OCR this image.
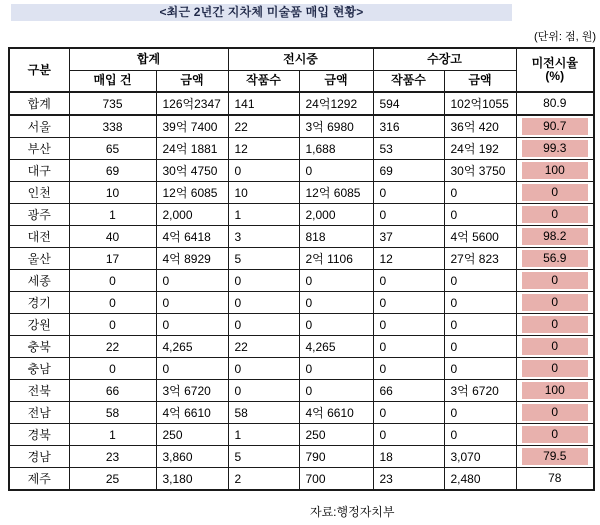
<최근 2년간 지차체 미술품 매입 현황>
(단위: 점, 원)
구분	합계		전시중		수장고		미전시율
(%)
	매입 건	금액	작품수	금액	작품수	금액	
합계	735	126억2347	141	24억1292	594	102억1055	80.9

서울	338	39억 7400	22	3억 6980	316	36억 420	90.7

부산	65	24억 1881	12	1,688	53	24억 192	99.3

대구	69	30억 4750	0	0	69	30억 3750	100

인천	10	12억 6085	10	12억 6085	0	0	0

광주	1	2,000	1	2,000	0	0	0

대전	40	4억 6418	3	818	37	4억 5600	98.2

울산	17	4억 8929	5	2억 1106	12	27억 823	56.9

세종	0	0	0	0	0	0	0

경기	0	0	0	0	0	0	0

강원	0	0	0	0	0	0	0

충북	22	4,265	22	4,265	0	0	0

충남	0	0	0	0	0	0	0

전북	66	3억 6720	0	0	66	3억 6720	100

전남	58	4억 6610	58	4억 6610	0	0	0

경북	1	250	1	250	0	0	0

경남	23	3,860	5	790	18	3,070	79.5

제주	25	3,180	2	700	23	2,480	78
자료:행정자치부
